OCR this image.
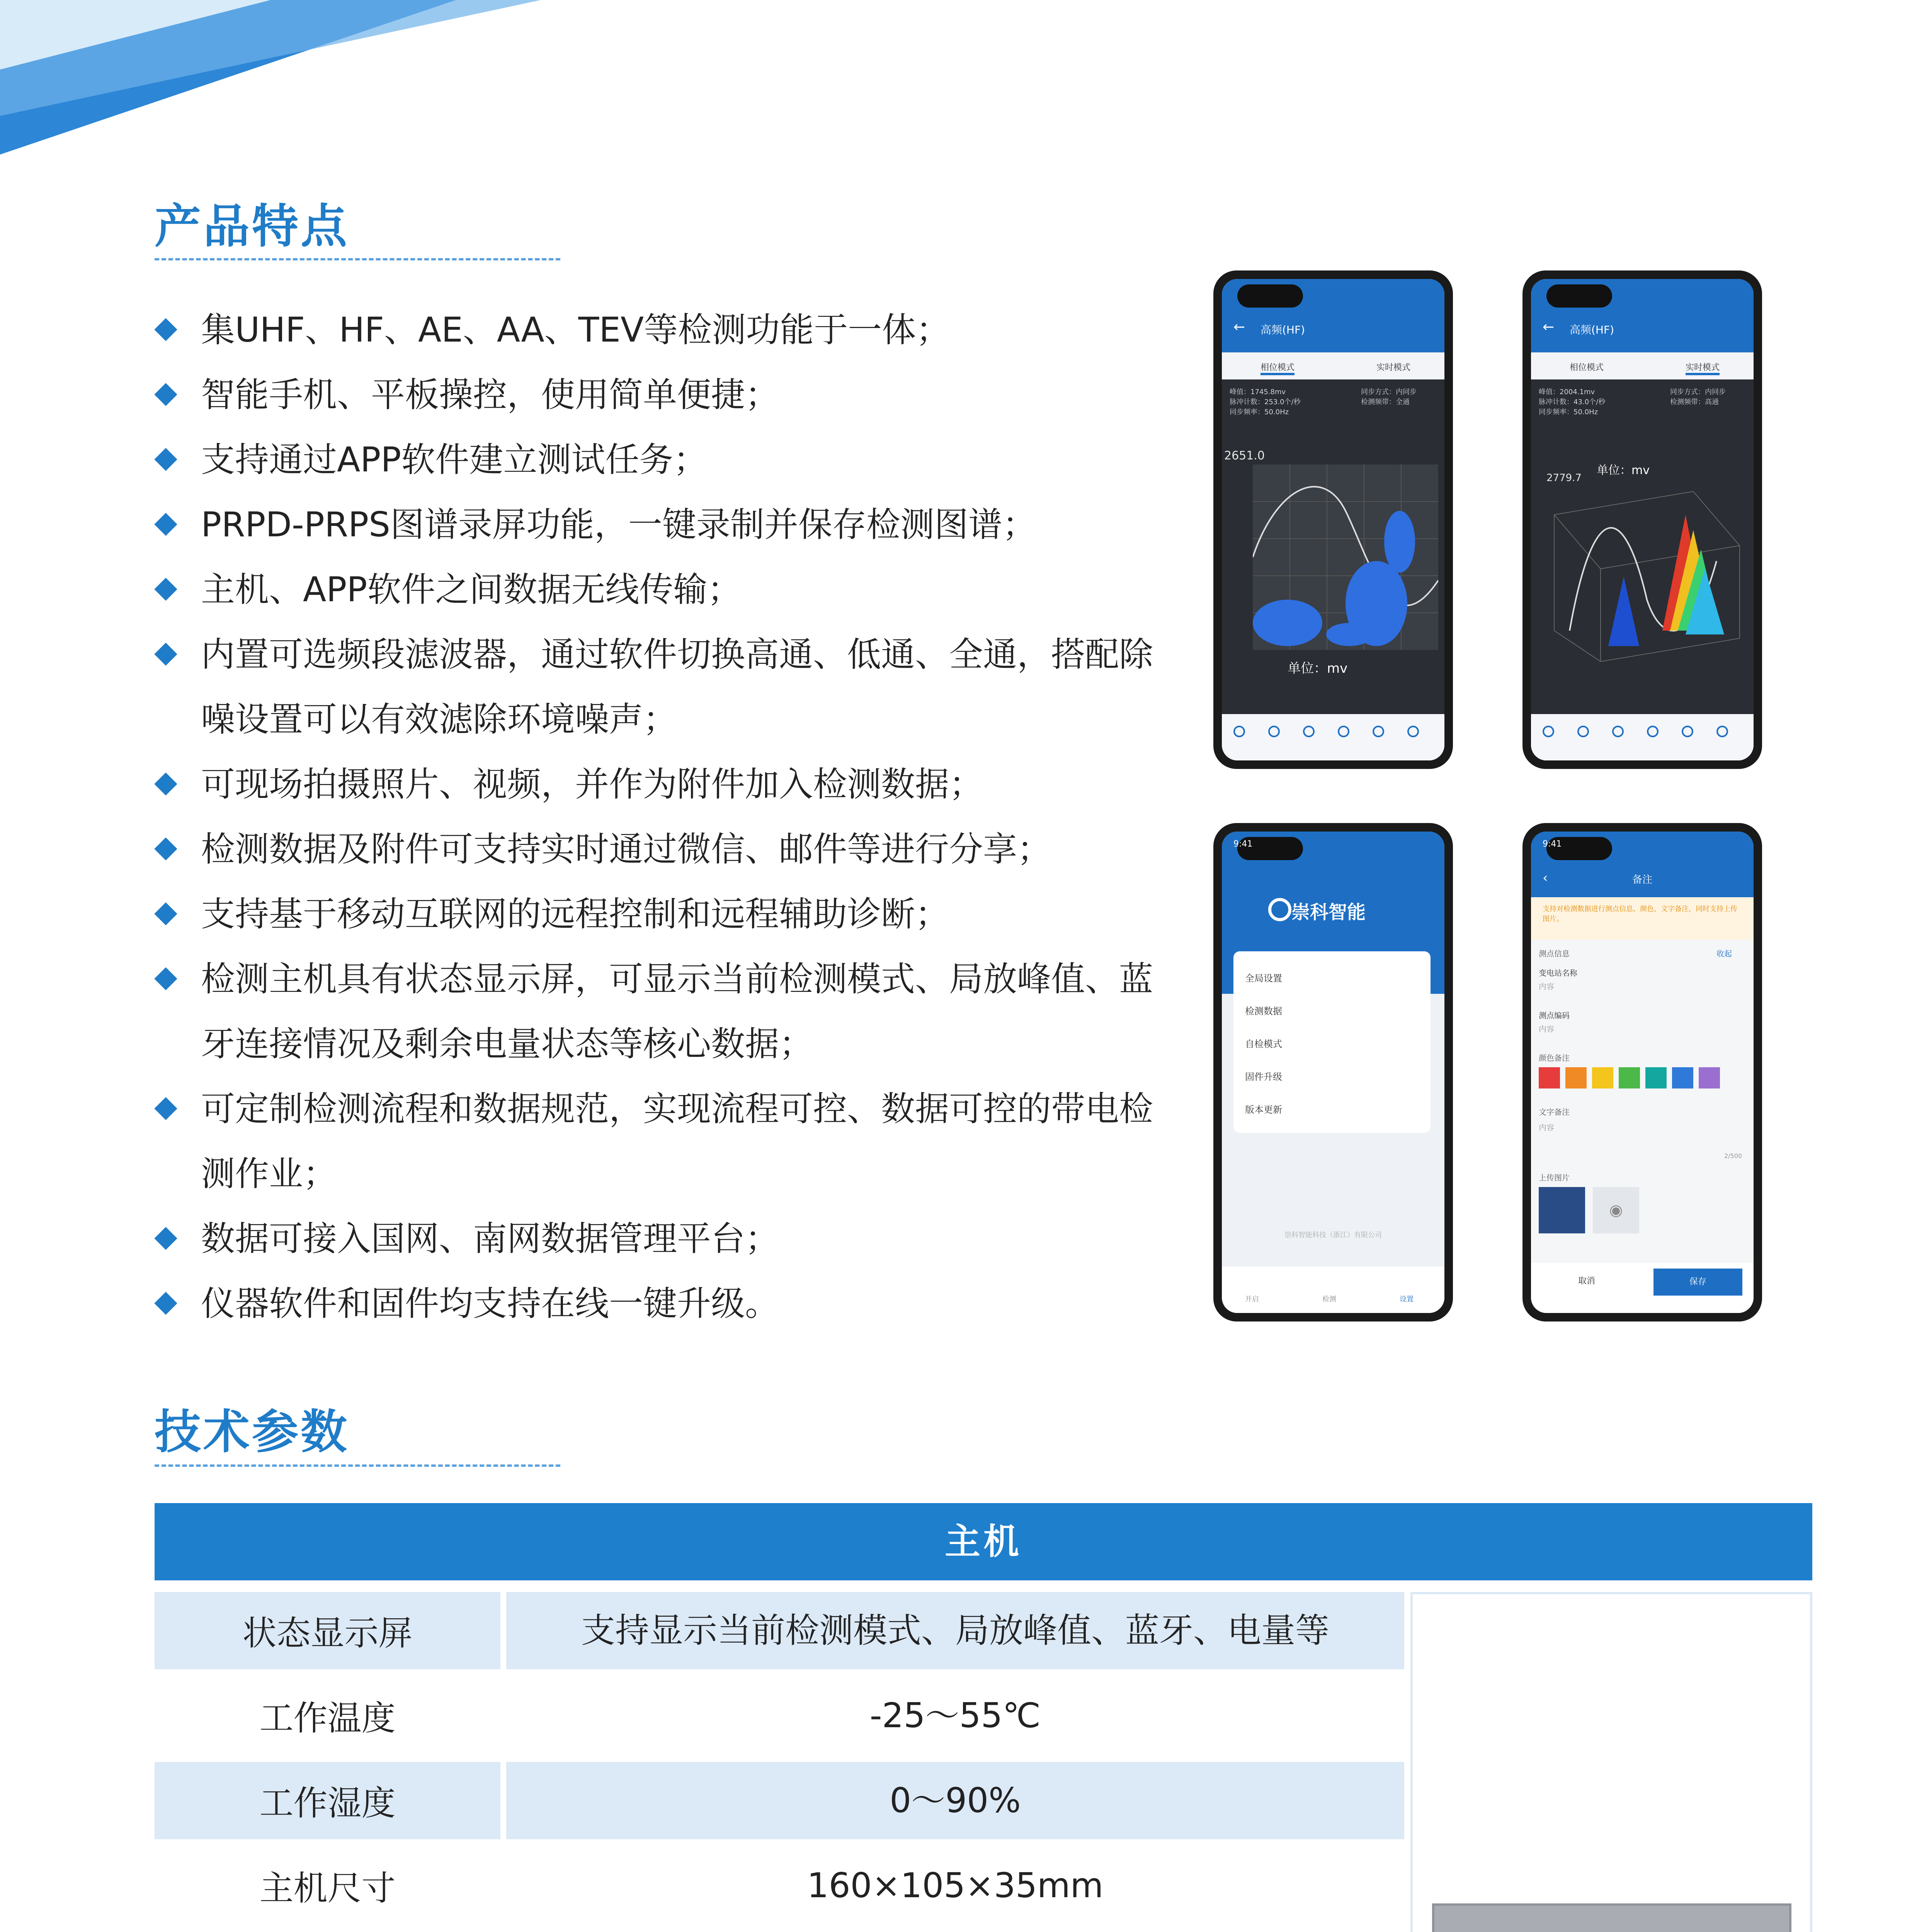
产品特点
集UHF、HF、AE、AA、TEV等检测功能于一体；
智能手机、平板操控，使用简单便捷；
支持通过APP软件建立测试任务；
PRPD-PRPS图谱录屏功能，一键录制并保存检测图谱；
主机、APP软件之间数据无线传输；
内置可选频段滤波器，通过软件切换高通、低通、全通，搭配除噪设置可以有效滤除环境噪声；
可现场拍摄照片、视频，并作为附件加入检测数据；
检测数据及附件可支持实时通过微信、邮件等进行分享；
支持基于移动互联网的远程控制和远程辅助诊断；
检测主机具有状态显示屏，可显示当前检测模式、局放峰值、蓝牙连接情况及剩余电量状态等核心数据；
可定制检测流程和数据规范，实现流程可控、数据可控的带电检测作业；
数据可接入国网、南网数据管理平台；
仪器软件和固件均支持在线一键升级。
← 高频(HF)
相位模式	实时模式
峰值：1745.8mv
脉冲计数：253.0个/秒
同步频率：50.0Hz
同步方式：内同步
检测频带：全通
2651.0
单位：mv
← 高频(HF)
相位模式	实时模式
峰值：2004.1mv
脉冲计数：43.0个/秒
同步频率：50.0Hz
同步方式：内同步
检测频带：高通
2779.7
单位：mv
9:41
崇科智能
全局设置
检测数据
自检模式
固件升级
版本更新
崇科智能科技（浙江）有限公司
开启	检测	设置
9:41
‹	备注
支持对检测数据进行测点信息、颜色、文字备注，同时支持上传图片。
测点信息	收起
变电站名称
内容
测点编码
内容
颜色备注
文字备注
内容
2/500
上传图片
◉
取消	保存
技术参数
主机
状态显示屏	支持显示当前检测模式、局放峰值、蓝牙、电量等
工作温度	-25～55℃
工作湿度	0～90%
主机尺寸	160×105×35mm
